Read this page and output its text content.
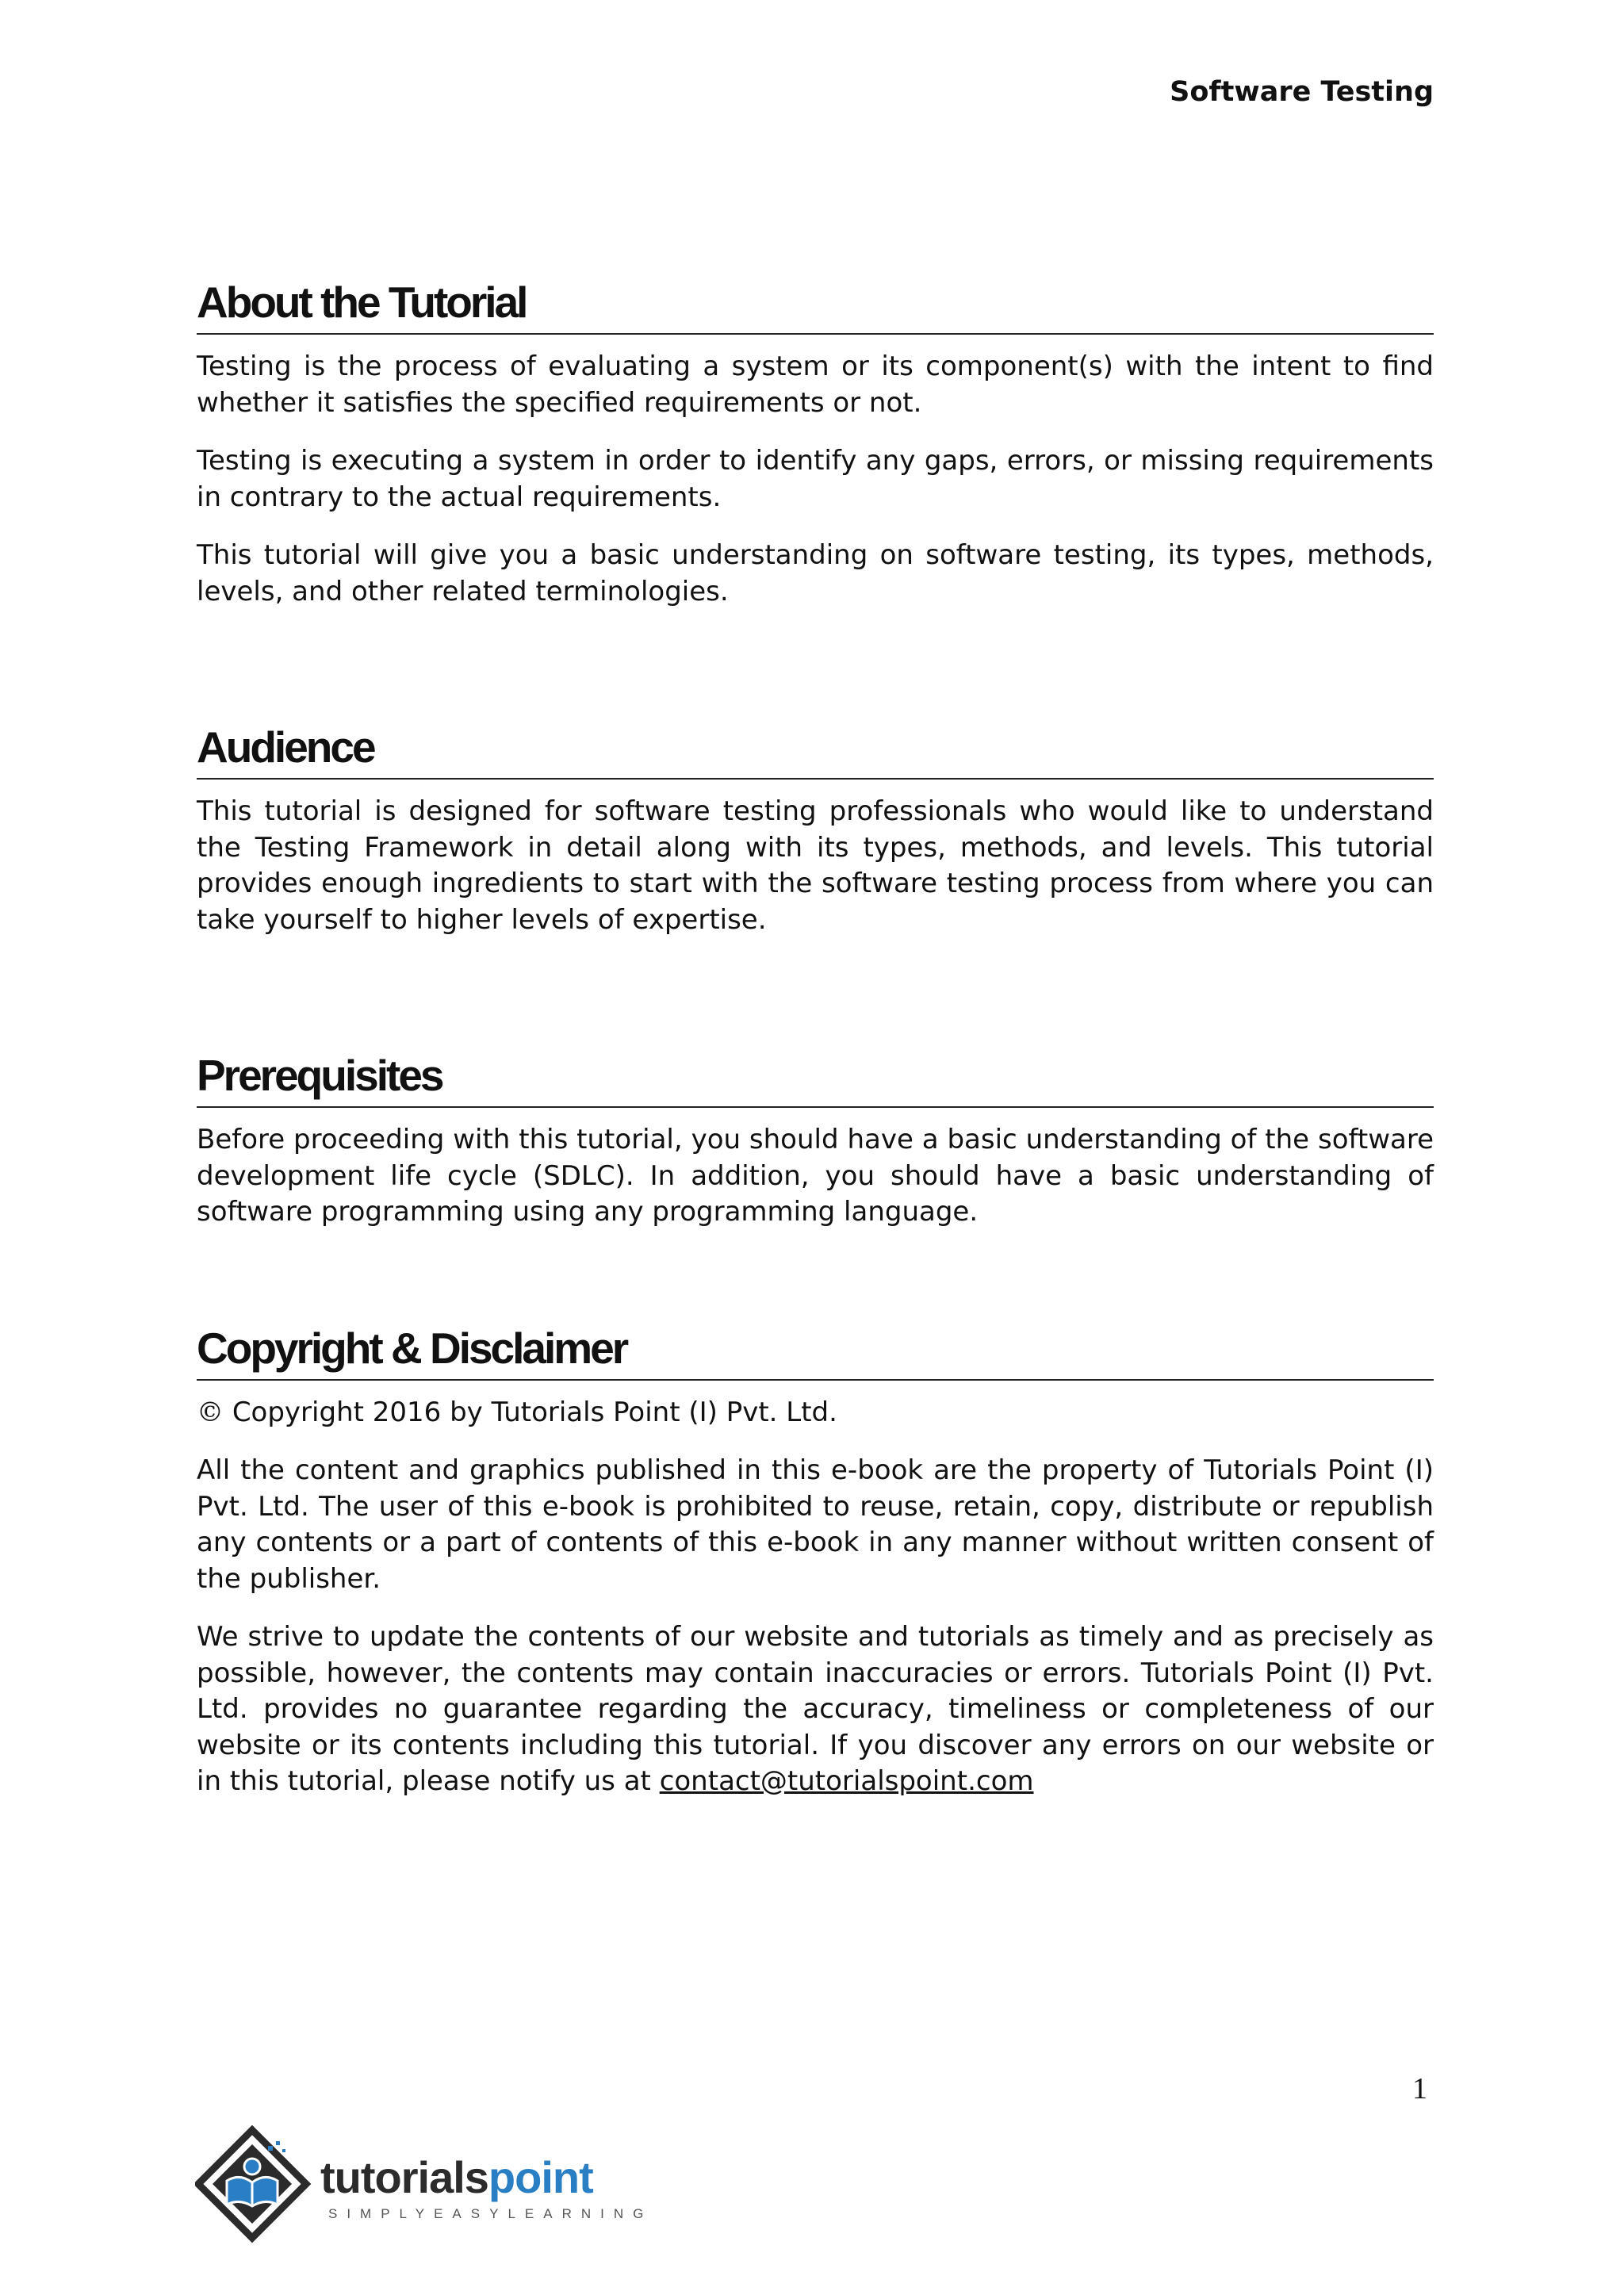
Software Testing
About the Tutorial

Testing is the process of evaluating a system or its component(s) with the intent to find whether it satisfies the specified requirements or not.

Testing is executing a system in order to identify any gaps, errors, or missing requirements in contrary to the actual requirements.

This tutorial will give you a basic understanding on software testing, its types, methods, levels, and other related terminologies.

Audience

This tutorial is designed for software testing professionals who would like to understand the Testing Framework in detail along with its types, methods, and levels. This tutorial provides enough ingredients to start with the software testing process from where you can take yourself to higher levels of expertise.

Prerequisites

Before proceeding with this tutorial, you should have a basic understanding of the software development life cycle (SDLC). In addition, you should have a basic understanding of software programming using any programming language.

Copyright & Disclaimer

© Copyright 2016 by Tutorials Point (I) Pvt. Ltd.

All the content and graphics published in this e-book are the property of Tutorials Point (I) Pvt. Ltd. The user of this e-book is prohibited to reuse, retain, copy, distribute or republish any contents or a part of contents of this e-book in any manner without written consent of the publisher.

We strive to update the contents of our website and tutorials as timely and as precisely as possible, however, the contents may contain inaccuracies or errors. Tutorials Point (I) Pvt. Ltd. provides no guarantee regarding the accuracy, timeliness or completeness of our website or its contents including this tutorial. If you discover any errors on our website or in this tutorial, please notify us at contact@tutorialspoint.com

1
tutorialspoint
SIMPLYEASYLEARNING
